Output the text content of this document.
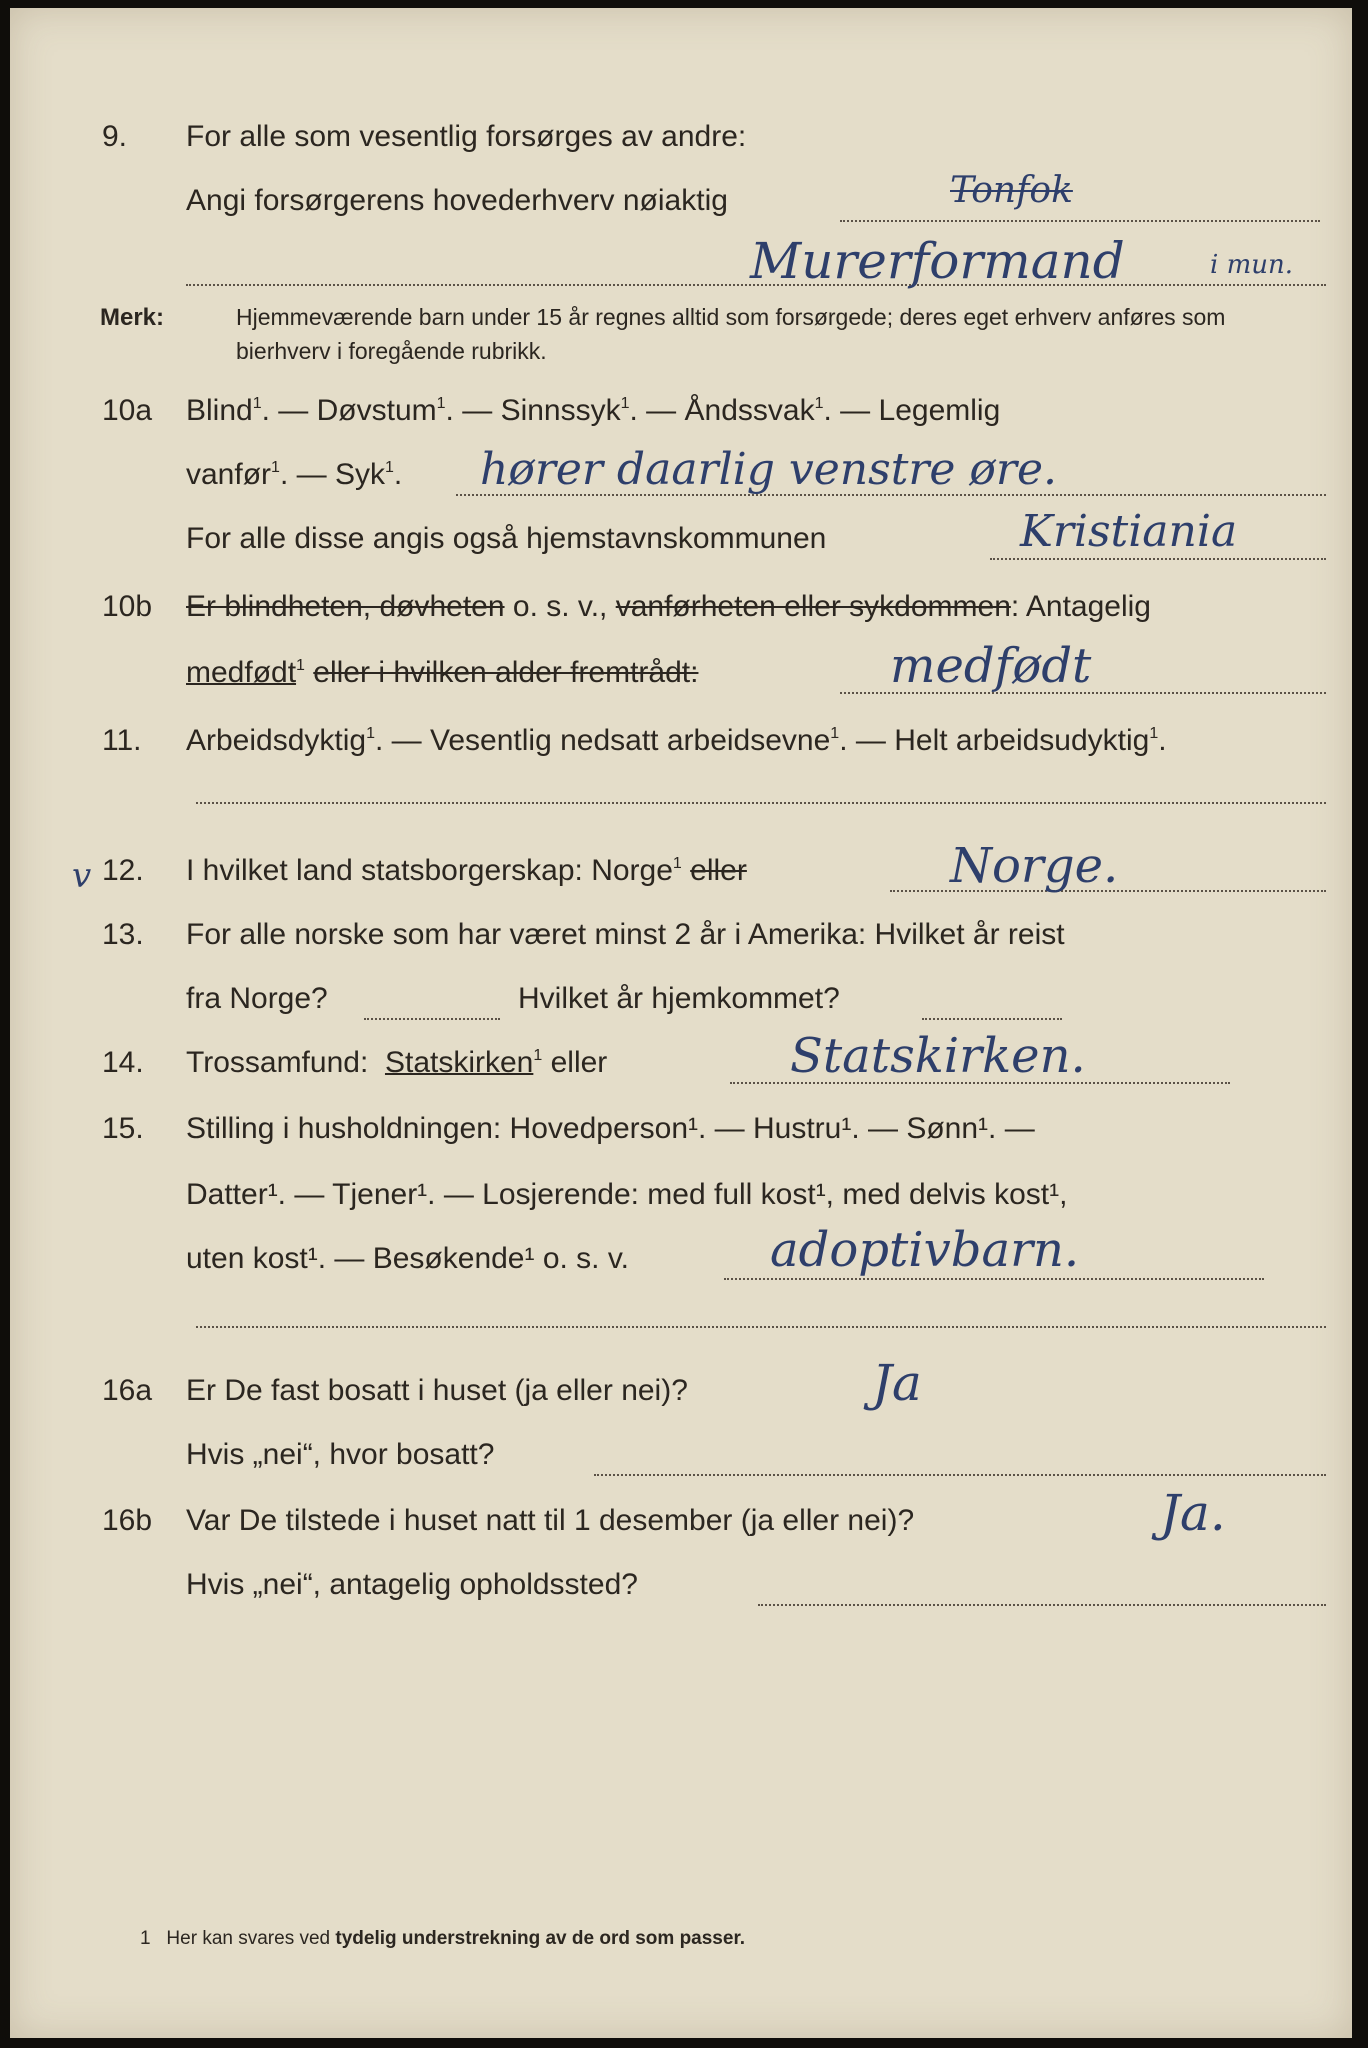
9.	For alle som vesentlig forsørges av andre:
Angi forsørgerens hovederhverv nøiaktig	Tonfok
Murerformand	i mun.
Merk:	Hjemmeværende barn under 15 år regnes alltid som forsørgede; deres eget erhverv anføres som bierhverv i foregående rubrikk.
10a	Blind$^1$. — Døvstum$^1$. — Sinnssyk$^1$. — Åndssvak$^1$. — Legemlig
vanfør$^1$. — Syk$^1$.	hører daarlig venstre øre.
For alle disse angis også hjemstavnskommunen	Kristiania
10b	Er blindheten, døvheten o. s. v., vanførheten eller sykdommen: Antagelig
medfødt$^1$ eller i hvilken alder fremtrådt:	medfødt
11.	Arbeidsdyktig$^1$. — Vesentlig nedsatt arbeidsevne$^1$. — Helt arbeidsudyktig$^1$.
v 12.	I hvilket land statsborgerskap: Norge$^1$ eller	Norge.
13.	For alle norske som har været minst 2 år i Amerika: Hvilket år reist
fra Norge?	Hvilket år hjemkommet?
14.	Trossamfund: Statskirken$^1$ eller	Statskirken.
15.	Stilling i husholdningen: Hovedperson¹. — Hustru¹. — Sønn¹. —
Datter¹. — Tjener¹. — Losjerende: med full kost¹, med delvis kost¹,
uten kost¹. — Besøkende¹ o. s. v.	adoptivbarn.
16a	Er De fast bosatt i huset (ja eller nei)?	Ja
Hvis „nei“, hvor bosatt?
16b	Var De tilstede i huset natt til 1 desember (ja eller nei)?	Ja.
Hvis „nei“, antagelig opholdssted?
1 Her kan svares ved tydelig understrekning av de ord som passer.
